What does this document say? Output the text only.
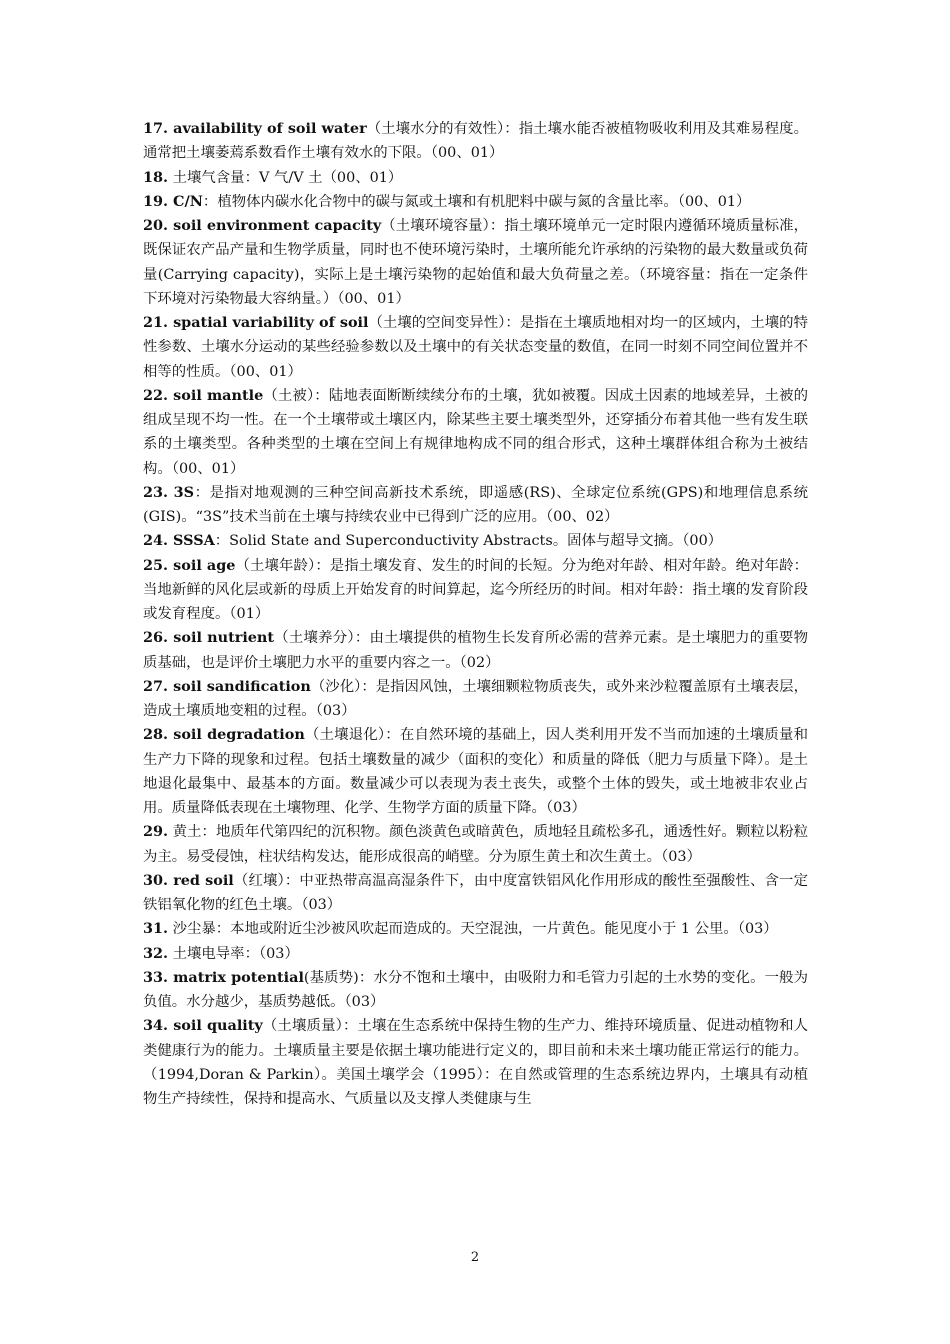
17. availability of soil water（土壤水分的有效性）：指土壤水能否被植物吸收利用及其难易程度。通常把土壤萎蔫系数看作土壤有效水的下限。（00、01）

18. 土壤气含量：V 气/V 土（00、01）

19. C/N：植物体内碳水化合物中的碳与氮或土壤和有机肥料中碳与氮的含量比率。（00、01）

20. soil environment capacity（土壤环境容量）：指土壤环境单元一定时限内遵循环境质量标准，既保证农产品产量和生物学质量，同时也不使环境污染时，土壤所能允许承纳的污染物的最大数量或负荷量(Carrying capacity)，实际上是土壤污染物的起始值和最大负荷量之差。（环境容量：指在一定条件下环境对污染物最大容纳量。）（00、01）

21. spatial variability of soil（土壤的空间变异性）：是指在土壤质地相对均一的区域内，土壤的特性参数、土壤水分运动的某些经验参数以及土壤中的有关状态变量的数值，在同一时刻不同空间位置并不相等的性质。（00、01）

22. soil mantle（土被）：陆地表面断断续续分布的土壤，犹如被覆。因成土因素的地域差异，土被的组成呈现不均一性。在一个土壤带或土壤区内，除某些主要土壤类型外，还穿插分布着其他一些有发生联系的土壤类型。各种类型的土壤在空间上有规律地构成不同的组合形式，这种土壤群体组合称为土被结构。（00、01）

23. 3S：是指对地观测的三种空间高新技术系统，即遥感(RS)、全球定位系统(GPS)和地理信息系统(GIS)。“3S”技术当前在土壤与持续农业中已得到广泛的应用。（00、02）

24. SSSA：Solid State and Superconductivity Abstracts。固体与超导文摘。（00）

25. soil age（土壤年龄）：是指土壤发育、发生的时间的长短。分为绝对年龄、相对年龄。绝对年龄：当地新鲜的风化层或新的母质上开始发育的时间算起，迄今所经历的时间。相对年龄：指土壤的发育阶段或发育程度。（01）

26. soil nutrient（土壤养分）：由土壤提供的植物生长发育所必需的营养元素。是土壤肥力的重要物质基础，也是评价土壤肥力水平的重要内容之一。（02）

27. soil sandification（沙化）：是指因风蚀，土壤细颗粒物质丧失，或外来沙粒覆盖原有土壤表层，造成土壤质地变粗的过程。（03）

28. soil degradation（土壤退化）：在自然环境的基础上，因人类利用开发不当而加速的土壤质量和生产力下降的现象和过程。包括土壤数量的减少（面积的变化）和质量的降低（肥力与质量下降）。是土地退化最集中、最基本的方面。数量减少可以表现为表土丧失，或整个土体的毁失，或土地被非农业占用。质量降低表现在土壤物理、化学、生物学方面的质量下降。（03）

29. 黄土：地质年代第四纪的沉积物。颜色淡黄色或暗黄色，质地轻且疏松多孔，通透性好。颗粒以粉粒为主。易受侵蚀，柱状结构发达，能形成很高的峭壁。分为原生黄土和次生黄土。（03）

30. red soil（红壤）：中亚热带高温高湿条件下，由中度富铁铝风化作用形成的酸性至强酸性、含一定铁铝氧化物的红色土壤。（03）

31. 沙尘暴：本地或附近尘沙被风吹起而造成的。天空混浊，一片黄色。能见度小于 1 公里。（03）

32. 土壤电导率：（03）

33. matrix potential(基质势)：水分不饱和土壤中，由吸附力和毛管力引起的土水势的变化。一般为负值。水分越少，基质势越低。（03）

34. soil quality（土壤质量）：土壤在生态系统中保持生物的生产力、维持环境质量、促进动植物和人类健康行为的能力。土壤质量主要是依据土壤功能进行定义的，即目前和未来土壤功能正常运行的能力。（1994,Doran & Parkin）。美国土壤学会（1995）：在自然或管理的生态系统边界内，土壤具有动植物生产持续性，保持和提高水、气质量以及支撑人类健康与生

2
